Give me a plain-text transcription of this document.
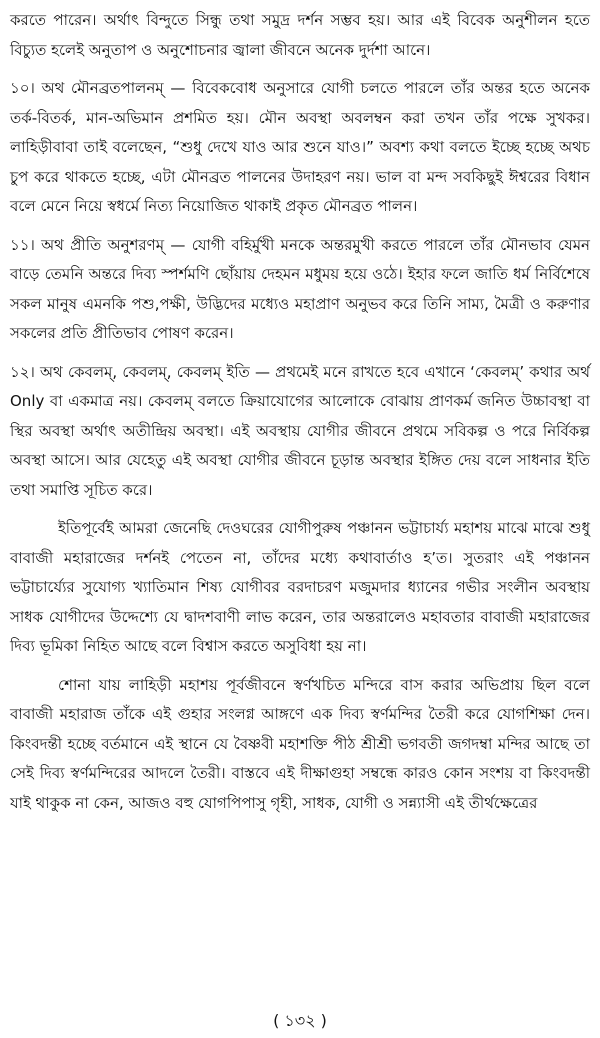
করতে পারেন। অর্থাৎ বিন্দুতে সিন্ধু তথা সমুদ্র দর্শন সম্ভব হয়। আর এই বিবেক অনুশীলন হতে বিচ্যুত হলেই অনুতাপ ও অনুশোচনার জ্বালা জীবনে অনেক দুর্দশা আনে।

১০। অথ মৌনব্রতপালনম্ — বিবেকবোধ অনুসারে যোগী চলতে পারলে তাঁর অন্তর হতে অনেক তর্ক-বিতর্ক, মান-অভিমান প্রশমিত হয়। মৌন অবস্থা অবলম্বন করা তখন তাঁর পক্ষে সুখকর। লাহিড়ীবাবা তাই বলেছেন, “শুধু দেখে যাও আর শুনে যাও।” অবশ্য কথা বলতে ইচ্ছে হচ্ছে অথচ চুপ করে থাকতে হচ্ছে, এটা মৌনব্রত পালনের উদাহরণ নয়। ভাল বা মন্দ সবকিছুই ঈশ্বরের বিধান বলে মেনে নিয়ে স্বধর্মে নিত্য নিয়োজিত থাকাই প্রকৃত মৌনব্রত পালন।

১১। অথ প্রীতি অনুশরণম্ — যোগী বহির্মুখী মনকে অন্তরমুখী করতে পারলে তাঁর মৌনভাব যেমন বাড়ে তেমনি অন্তরে দিব্য স্পর্শমণি ছোঁয়ায় দেহমন মধুময় হয়ে ওঠে। ইহার ফলে জাতি ধর্ম নির্বিশেষে সকল মানুষ এমনকি পশু,পক্ষী, উদ্ভিদের মধ্যেও মহাপ্রাণ অনুভব করে তিনি সাম্য, মৈত্রী ও করুণার সকলের প্রতি প্রীতিভাব পোষণ করেন।

১২। অথ কেবলম্, কেবলম্, কেবলম্ ইতি — প্রথমেই মনে রাখতে হবে এখানে ‘কেবলম্’ কথার অর্থ Only বা একমাত্র নয়। কেবলম্ বলতে ক্রিয়াযোগের আলোকে বোঝায় প্রাণকর্ম জনিত উচ্চাবস্থা বা স্থির অবস্থা অর্থাৎ অতীন্দ্রিয় অবস্থা। এই অবস্থায় যোগীর জীবনে প্রথমে সবিকল্প ও পরে নির্বিকল্প অবস্থা আসে। আর যেহেতু এই অবস্থা যোগীর জীবনে চূড়ান্ত অবস্থার ইঙ্গিত দেয় বলে সাধনার ইতি তথা সমাপ্তি সূচিত করে।

ইতিপূর্বেই আমরা জেনেছি দেওঘরের যোগীপুরুষ পঞ্চানন ভট্টাচার্য্য মহাশয় মাঝে মাঝে শুধু বাবাজী মহারাজের দর্শনই পেতেন না, তাঁদের মধ্যে কথাবার্তাও হ’ত। সুতরাং এই পঞ্চানন ভট্টাচার্য্যের সুযোগ্য খ্যাতিমান শিষ্য যোগীবর বরদাচরণ মজুমদার ধ্যানের গভীর সংলীন অবস্থায় সাধক যোগীদের উদ্দেশ্যে যে দ্বাদশবাণী লাভ করেন, তার অন্তরালেও মহাবতার বাবাজী মহারাজের দিব্য ভূমিকা নিহিত আছে বলে বিশ্বাস করতে অসুবিধা হয় না।

শোনা যায় লাহিড়ী মহাশয় পূর্বজীবনে স্বর্ণখচিত মন্দিরে বাস করার অভিপ্রায় ছিল বলে বাবাজী মহারাজ তাঁকে এই গুহার সংলগ্ন আঙ্গণে এক দিব্য স্বর্ণমন্দির তৈরী করে যোগশিক্ষা দেন। কিংবদন্তী হচ্ছে বর্তমানে এই স্থানে যে বৈষ্ণবী মহাশক্তি পীঠ শ্রীশ্রী ভগবতী জগদম্বা মন্দির আছে তা সেই দিব্য স্বর্ণমন্দিরের আদলে তৈরী। বাস্তবে এই দীক্ষাগুহা সম্বন্ধে কারও কোন সংশয় বা কিংবদন্তী যাই থাকুক না কেন, আজও বহু যোগপিপাসু গৃহী, সাধক, যোগী ও সন্ন্যাসী এই তীর্থক্ষেত্রের

( ১৩২ )
